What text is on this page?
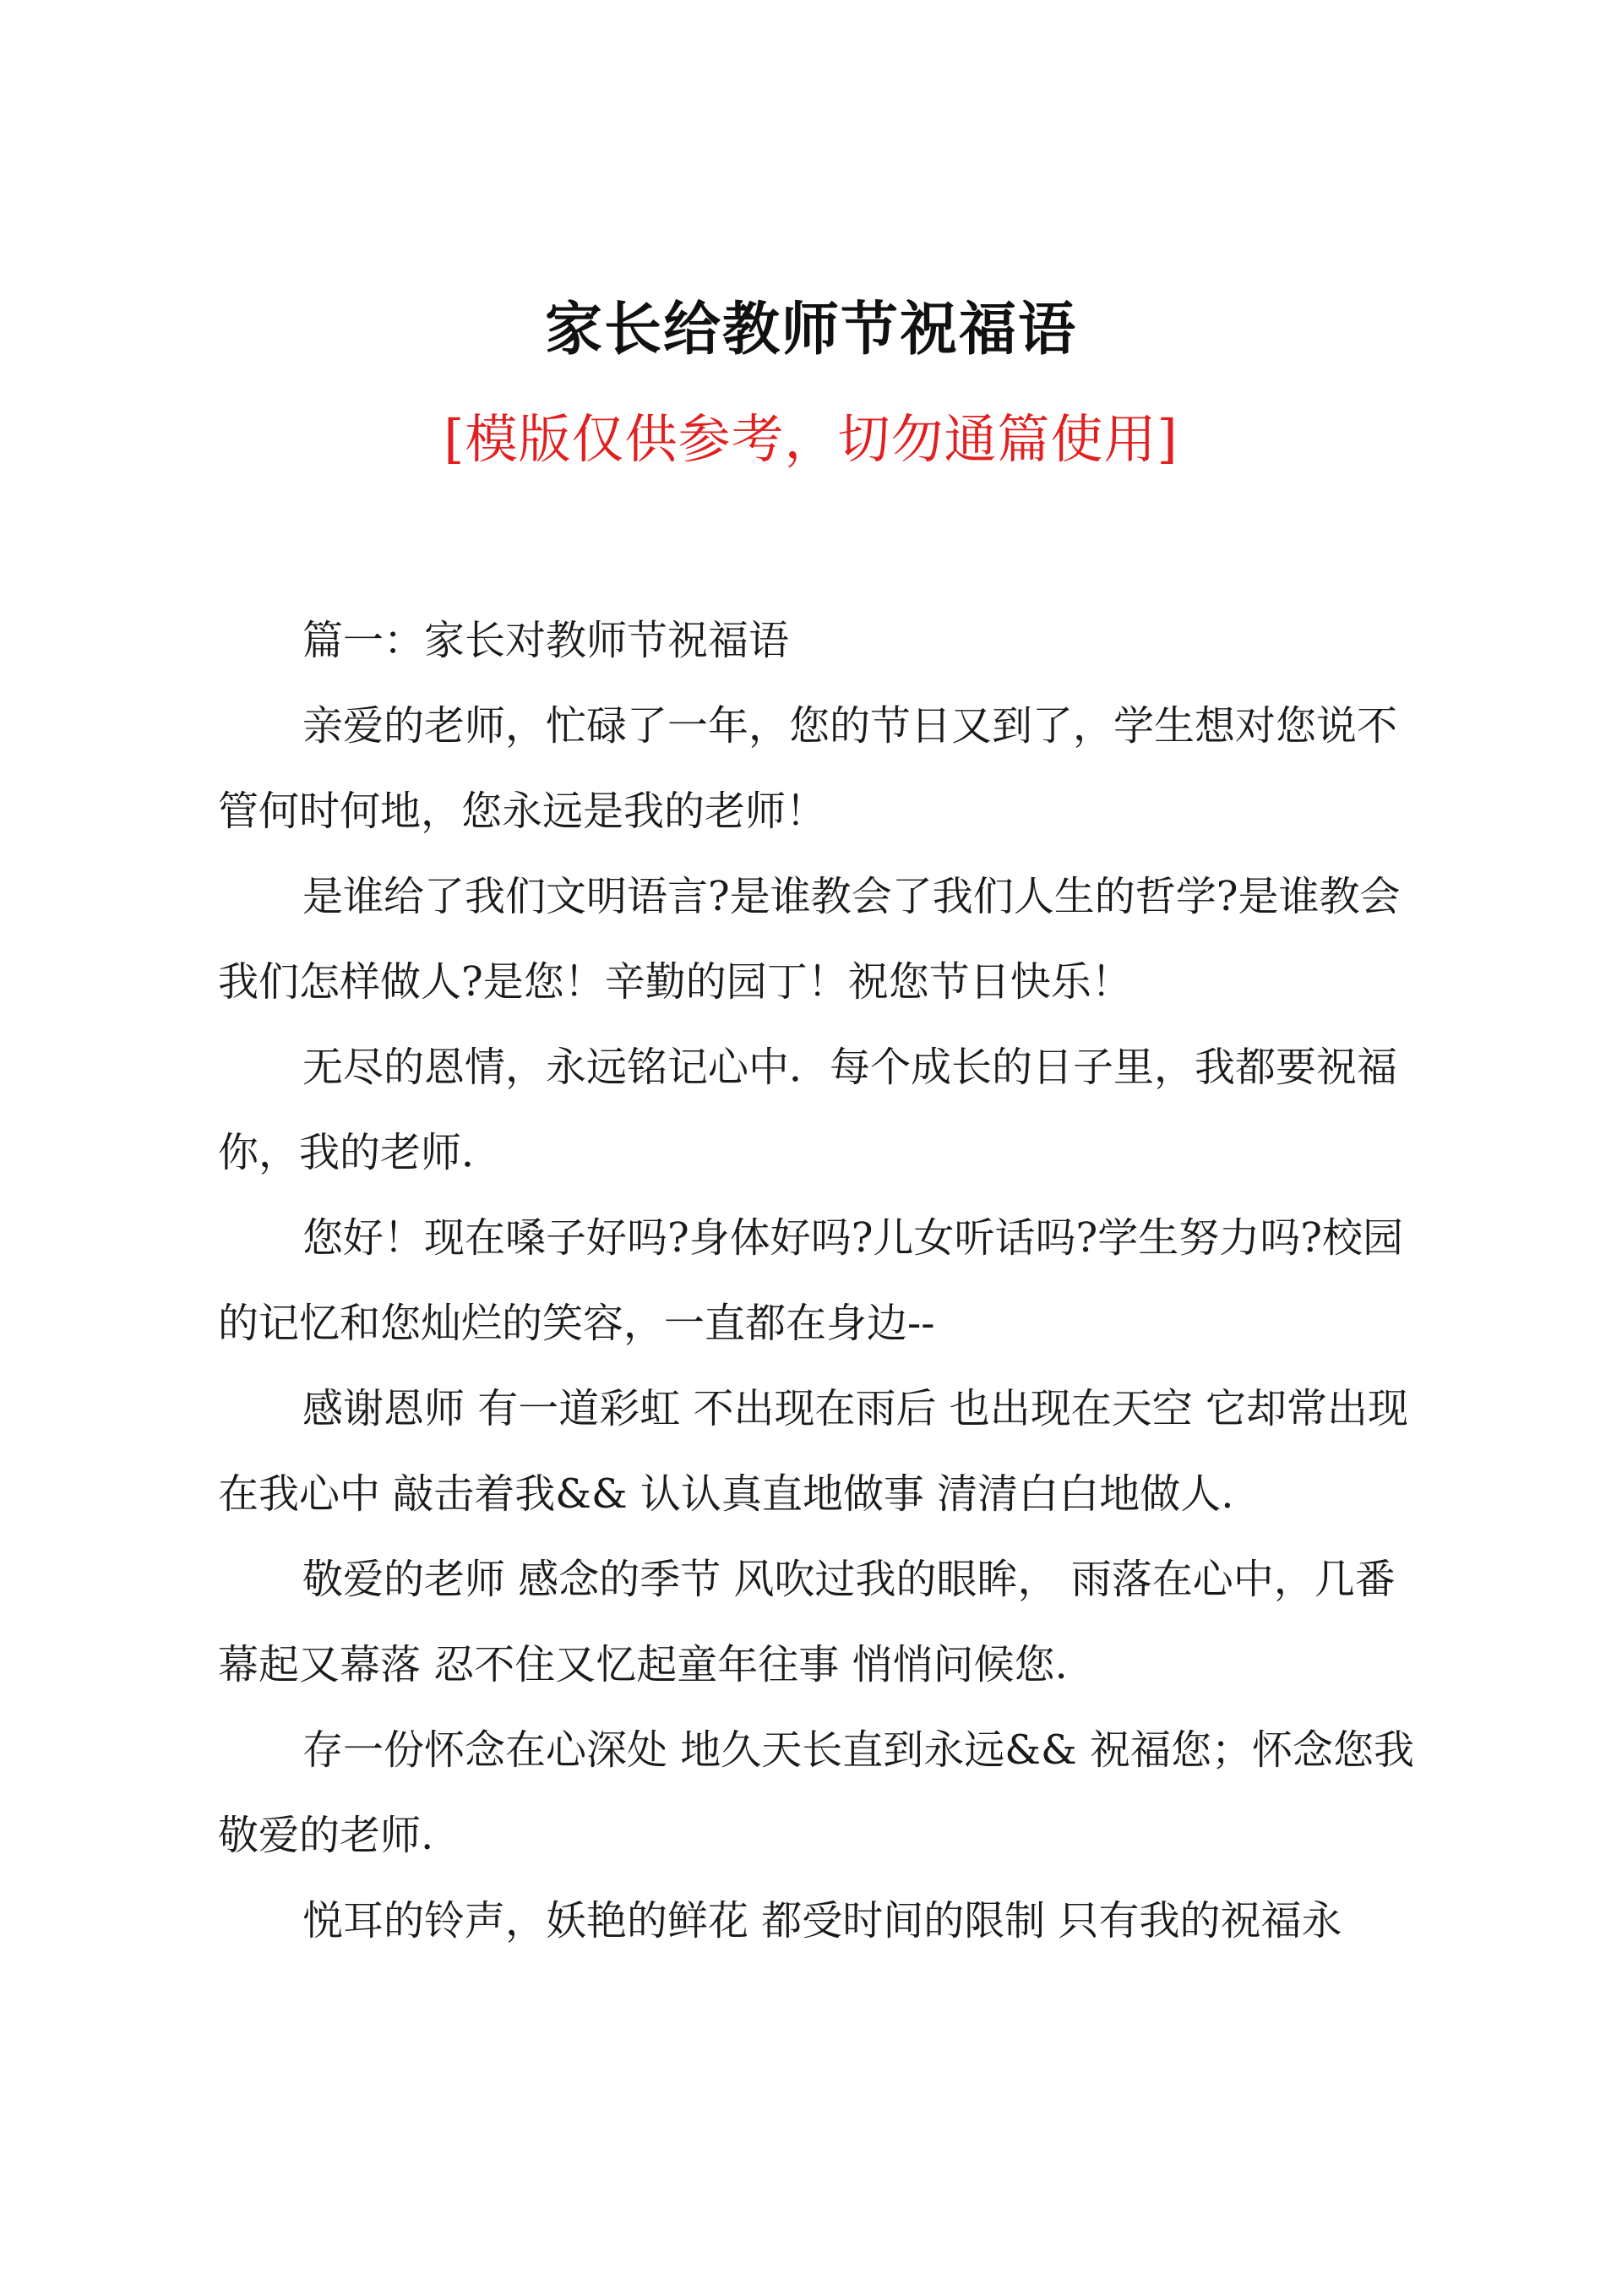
家长给教师节祝福语
[模版仅供参考，切勿通篇使用]

篇一：家长对教师节祝福语

亲爱的老师，忙碌了一年，您的节日又到了，学生想对您说不管何时何地，您永远是我的老师！

是谁给了我们文明语言?是谁教会了我们人生的哲学?是谁教会我们怎样做人?是您！辛勤的园丁！祝您节日快乐！

无尽的恩情，永远铭记心中．每个成长的日子里，我都要祝福你，我的老师．

您好！现在嗓子好吗?身体好吗?儿女听话吗?学生努力吗?校园的记忆和您灿烂的笑容，一直都在身边--

感谢恩师 有一道彩虹 不出现在雨后 也出现在天空 它却常出现在我心中 敲击着我&& 认认真直地做事 清清白白地做人.

敬爱的老师 感念的季节 风吹过我的眼眸， 雨落在心中，几番幕起又幕落 忍不住又忆起童年往事 悄悄问候您.

存一份怀念在心深处 地久天长直到永远&& 祝福您；怀念您我敬爱的老师.

悦耳的铃声，妖艳的鲜花 都受时间的限制 只有我的祝福永
